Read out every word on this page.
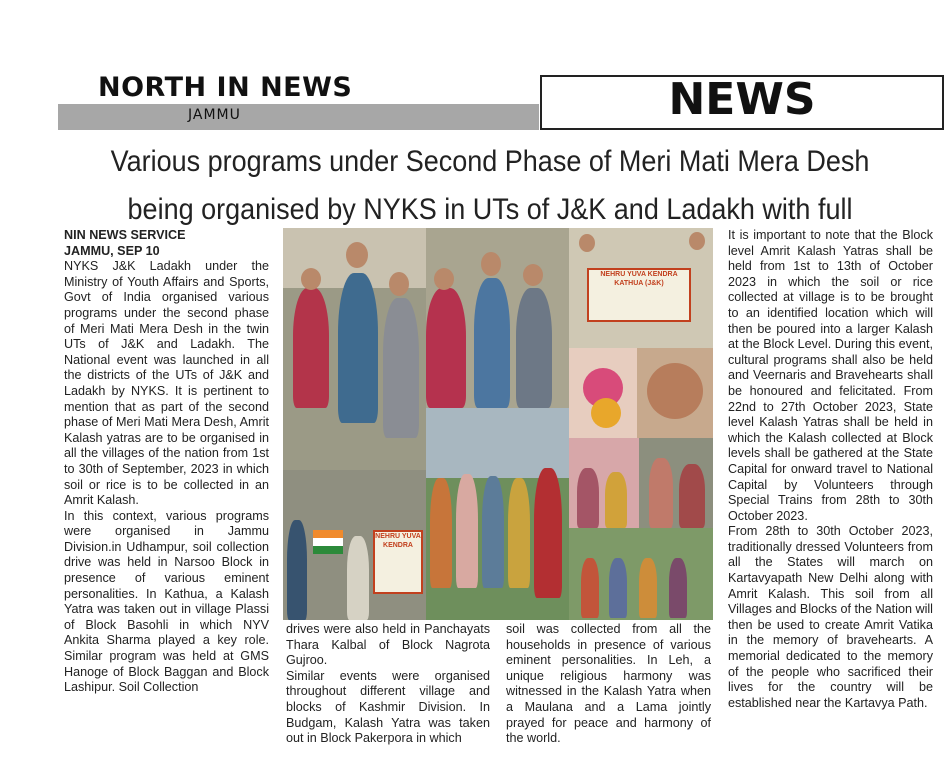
NORTH IN NEWS
JAMMU	NEWS
Various programs under Second Phase of Meri Mati Mera Desh
being organised by NYKS in UTs of J&K and Ladakh with full
NIN NEWS SERVICE
JAMMU, SEP 10

NYKS J&K Ladakh under the Ministry of Youth Affairs and Sports, Govt of India organised various programs under the second phase of Meri Mati Mera Desh in the twin UTs of J&K and Ladakh. The National event was launched in all the districts of the UTs of J&K and Ladakh by NYKS. It is pertinent to mention that as part of the second phase of Meri Mati Mera Desh, Amrit Kalash yatras are to be organised in all the villages of the nation from 1st to 30th of September, 2023 in which soil or rice is to be collected in an Amrit Kalash.

In this context, various programs were organised in Jammu Division.in Udhampur, soil collection drive was held in Narsoo Block in presence of various eminent personalities. In Kathua, a Kalash Yatra was taken out in village Plassi of Block Basohli in which NYV Ankita Sharma played a key role. Similar program was held at GMS Hanoge of Block Baggan and Block Lashipur. Soil Collection

NEHRU YUVA KENDRA KATHUA (J&K)
NEHRU YUVA KENDRA

drives were also held in Panchayats Thara Kalbal of Block Nagrota Gujroo.

Similar events were organised throughout different village and blocks of Kashmir Division. In Budgam, Kalash Yatra was taken out in Block Pakerpora in which

soil was collected from all the households in presence of various eminent personalities. In Leh, a unique religious harmony was witnessed in the Kalash Yatra when a Maulana and a Lama jointly prayed for peace and harmony of the world.

It is important to note that the Block level Amrit Kalash Yatras shall be held from 1st to 13th of October 2023 in which the soil or rice collected at village is to be brought to an identified location which will then be poured into a larger Kalash at the Block Level. During this event, cultural programs shall also be held and Veernaris and Bravehearts shall be honoured and felicitated. From 22nd to 27th October 2023, State level Kalash Yatras shall be held in which the Kalash collected at Block levels shall be gathered at the State Capital for onward travel to National Capital by Volunteers through Special Trains from 28th to 30th October 2023.

From 28th to 30th October 2023, traditionally dressed Volunteers from all the States will march on Kartavyapath New Delhi along with Amrit Kalash. This soil from all Villages and Blocks of the Nation will then be used to create Amrit Vatika in the memory of bravehearts. A memorial dedicated to the memory of the people who sacrificed their lives for the country will be established near the Kartavya Path.
